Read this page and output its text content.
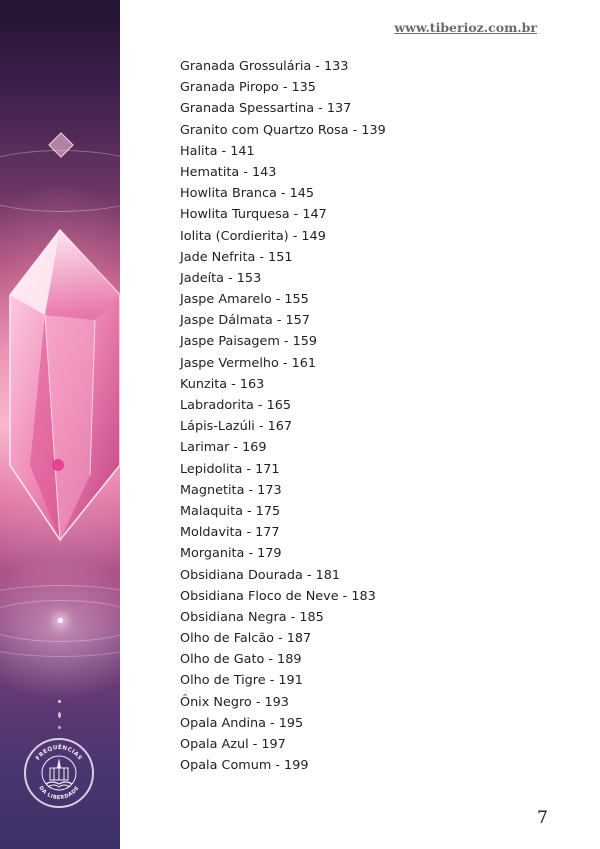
FREQUÊNCIAS
DA LIBERDADE
www.tiberioz.com.br
Granada Grossulária - 133
Granada Piropo - 135
Granada Spessartina - 137
Granito com Quartzo Rosa - 139
Halita - 141
Hematita - 143
Howlita Branca - 145
Howlita Turquesa - 147
Iolita (Cordierita) - 149
Jade Nefrita - 151
Jadeíta - 153
Jaspe Amarelo - 155
Jaspe Dálmata - 157
Jaspe Paisagem - 159
Jaspe Vermelho - 161
Kunzita - 163
Labradorita - 165
Lápis-Lazúli - 167
Larimar - 169
Lepidolita - 171
Magnetita - 173
Malaquita - 175
Moldavita - 177
Morganita - 179
Obsidiana Dourada - 181
Obsidiana Floco de Neve - 183
Obsidiana Negra - 185
Olho de Falcão - 187
Olho de Gato - 189
Olho de Tigre - 191
Ônix Negro - 193
Opala Andina - 195
Opala Azul - 197
Opala Comum - 199
7
